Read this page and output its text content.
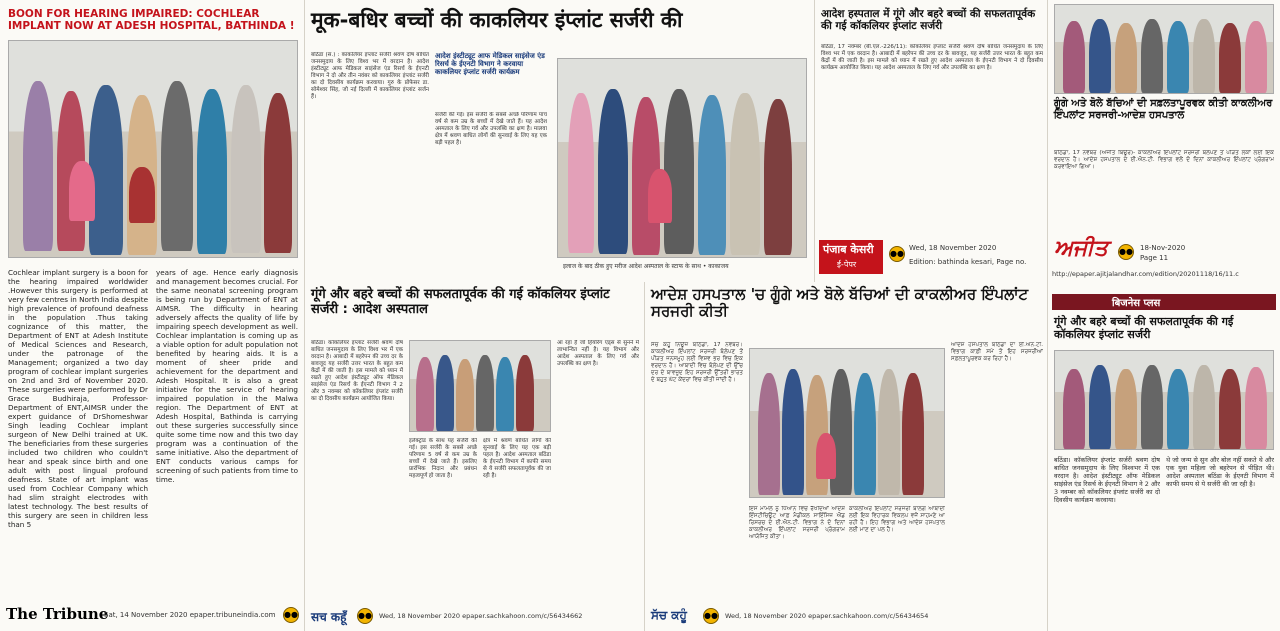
BOON FOR HEARING IMPAIRED: COCHLEAR IMPLANT NOW AT ADESH HOSPITAL, BATHINDA !
Cochlear implant surgery is a boon for the hearing impaired worldwider .However this surgery is performed at very few centres in North India despite high prevalence of profound deafness in the population .Thus taking cognizance of this matter, the Department of ENT at Adesh Institute of Medical Sciences and Research, under the patronage of the Management; organized a two day program of cochlear implant surgeries on 2nd and 3rd of November 2020. These surgeries were performed by Dr Grace Budhiraja, Professor-Department of ENT,AIMSR under the expert guidance of DrShomeshwar Singh leading Cochlear implant surgeon of New Delhi trained at UK. The beneficiaries from these surgeries included two children who couldn't hear and speak since birth and one adult with post lingual profound deafness. State of art implant was used from Cochlear Company which had slim straight electrodes with latest technology. The best results of this surgery are seen in children less than 5
years of age. Hence early diagnosis and management becomes crucial. For the same neonatal screening program is being run by Department of ENT at AIMSR. The difficulty in hearing adversely affects the quality of life by impairing speech development as well. Cochlear implantation is coming up as a viable option for adult population not benefited by hearing aids. It is a moment of sheer pride and achievement for the department and Adesh Hospital. It is also a great initiative for the service of hearing impaired population in the Malwa region. The Department of ENT at Adesh Hospital, Bathinda is carrying out these surgeries successfully since quite some time now and this two day program was a continuation of the same initiative. Also the department of ENT conducts various camps for screening of such patients from time to time.
The Tribune
Sat, 14 November 2020 epaper.tribuneindia.com ●●
मूक-बधिर बच्चों की काकलियर इंप्लांट सर्जरी की
बठिंडा (सं.) : काकलियर इंप्लांट सर्जरी श्रवण दोष बाधित जनसमुदाय के लिए विश्व भर में वरदान है। आदेश इंस्टीट्यूट आफ मेडिकल साइंसेज एंड रिसर्च के ईएनटी विभाग ने दो और तीन नवंबर को काकलियर इंप्लांट सर्जरी का दो दिवसीय कार्यक्रम करवाया। गुरु के प्रोफेसर डा. सोमेश्वर सिंह, जो नई दिल्ली में काकलियर इंप्लांट सर्जन हैं।
आदेश इंस्टीट्यूट आफ मेडिकल साइंसेज एंड रिसर्च के ईएनटी विभाग ने करवाया काकलियर इंप्लांट सर्जरी कार्यक्रम
सर्जरी की गई। इस सर्जरी के सबसे अच्छे परिणाम पांच वर्ष से कम उम्र के बच्चों में देखे जाते हैं। यह आदेश अस्पताल के लिए गर्व और उपलब्धि का क्षण है। मालवा क्षेत्र में श्रवण बाधित लोगों की सुनवाई के लिए यह एक बड़ी पहल है।
इलाज के बाद ठीक हुए मरीज आदेश अस्पताल के स्टाफ के साथ • काकाजय
आदेश हस्पताल में गूंगे और बहरे बच्चों की सफलतापूर्वक की गई कॉकलियर इंप्लांट सर्जरी
बठिंडा, 17 नवम्बर (बी.एल.-226/11): कॉकलियर इंप्लांट सर्जरी श्रवण दोष बाधित जनसमुदाय के लिए विश्व भर में एक वरदान है। आबादी में बहरेपन की उच्च दर के बावजूद, यह सर्जरी उत्तर भारत के बहुत कम केंद्रों में की जाती है। इस मामले को ध्यान में रखते हुए आदेश अस्पताल के ईएनटी विभाग ने दो दिवसीय कार्यक्रम आयोजित किया। यह आदेश अस्पताल के लिए गर्व और उपलब्धि का क्षण है।
पंजाब केसरी
ई-पेपर
●●
Wed, 18 November 2020
Edition: bathinda kesari, Page no.
ਗੂੰਗੇ ਅਤੇ ਬੋਲੇ ਬੱਚਿਆਂ ਦੀ ਸਫ਼ਲਤਾਪੂਰਵਕ ਕੀਤੀ ਕਾਕਲੀਅਰ ਇੰਪਲਾਂਟ ਸਰਜਰੀ-ਆਦੇਸ਼ ਹਸਪਤਾਲ
ਬਠਿੰਡਾ, 17 ਨਵੰਬਰ (ਅਜੀਤ ਬਿਊਰੋ)- ਕਾਕਲੀਅਰ ਇੰਪਲਾਂਟ ਸਰਜਰੀ ਬੋਲੇਪਣ ਤੋਂ ਪੀੜਤ ਲੋਕਾਂ ਲਈ ਇਕ ਵਰਦਾਨ ਹੈ। ਆਦੇਸ਼ ਹਸਪਤਾਲ ਦੇ ਈ.ਐਨ.ਟੀ. ਵਿਭਾਗ ਵਲੋਂ ਦੋ ਦਿਨਾਂ ਕਾਕਲੀਅਰ ਇੰਪਲਾਂਟ ਪ੍ਰੋਗਰਾਮ ਕਰਵਾਇਆ ਗਿਆ।
ਅਜੀਤ ●● 18-Nov-2020
Page 11
http://epaper.ajitjalandhar.com/edition/20201118/16/11.c
गूंगे और बहरे बच्चों की सफलतापूर्वक की गई कॉकलियर इंप्लांट सर्जरी : आदेश अस्पताल
बठिंडा। कॉकलियर इंप्लांट सर्जरी श्रवण दोष बाधित जनसमुदाय के लिए विश्व भर में एक वरदान है। आबादी में बहरेपन की उच्च दर के बावजूद यह सर्जरी उत्तर भारत के बहुत कम केंद्रों में की जाती है। इस मामले को ध्यान में रखते हुए आदेश इंस्टीट्यूट ऑफ मेडिकल साइंसेज एंड रिसर्च के ईएनटी विभाग ने 2 और 3 नवम्बर को कॉकलियर इंप्लांट सर्जरी का दो दिवसीय कार्यक्रम आयोजित किया।
इलेक्ट्रोड के साथ यह सर्जरी की गई। इस सर्जरी के सबसे अच्छे परिणाम 5 वर्ष से कम उम्र के बच्चों में देखे जाते हैं। इसलिए प्रारंभिक निदान और प्रबंधन महत्वपूर्ण हो जाता है।
क्षेत्र में श्रवण बाधित लोगों की सुनवाई के लिए यह एक बड़ी पहल है। आदेश अस्पताल बठिंडा के ईएनटी विभाग में काफी समय से ये सर्जरी सफलतापूर्वक की जा रही है।
आ रहा है जो हियरिंग एड्स से सुनने में लाभान्वित नहीं है। यह विभाग और आदेश अस्पताल के लिए गर्व और उपलब्धि का क्षण है।
सच कहूँ ●● Wed, 18 November 2020 epaper.sachkahoon.com/c/56434662
ਆਦੇਸ਼ ਹਸਪਤਾਲ 'ਚ ਗੂੰਗੇ ਅਤੇ ਬੋਲੇ ਬੱਚਿਆਂ ਦੀ ਕਾਕਲੀਅਰ ਇੰਪਲਾਂਟ ਸਰਜਰੀ ਕੀਤੀ
ਸੰਚ ਕਹੂੰ ਨਿਊਜ਼ ਬਠਿੰਡਾ, 17 ਨਵੰਬਰ। ਕਾਕਲੀਅਰ ਇੰਪਲਾਂਟ ਸਰਜਰੀ ਬੋਲ਼ੇਪਣ ਤੋਂ ਪੀੜਤ ਜਨਸਮੂਹ ਲਈ ਵਿਸ਼ਵ ਭਰ ਵਿਚ ਇਕ ਵਰਦਾਨ ਹੈ। ਆਬਾਦੀ ਵਿਚ ਬੋਲ਼ੇਪਣ ਦੀ ਉੱਚ ਦਰ ਦੇ ਬਾਵਜੂਦ ਇਹ ਸਰਜਰੀ ਉੱਤਰੀ ਭਾਰਤ ਦੇ ਬਹੁਤ ਘੱਟ ਕੇਂਦਰਾਂ ਵਿਚ ਕੀਤੀ ਜਾਂਦੀ ਹੈ।
ਇਸ ਮਾਮਲੇ ਨੂੰ ਧਿਆਨ ਵਿਚ ਰੱਖਦਿਆਂ ਆਦੇਸ਼ ਇੰਸਟੀਚਿਊਟ ਆਫ਼ ਮੈਡੀਕਲ ਸਾਇੰਸਿਜ਼ ਐਂਡ ਰਿਸਰਚ ਦੇ ਈ.ਐਨ.ਟੀ. ਵਿਭਾਗ ਨੇ ਦੋ ਦਿਨਾਂ ਕਾਕਲੀਅਰ ਇੰਪਲਾਂਟ ਸਰਜਰੀ ਪ੍ਰੋਗਰਾਮ ਆਯੋਜਿਤ ਕੀਤਾ।
ਕਾਕਲੀਅਰ ਇੰਪਲਾਂਟ ਸਰਜਰੀ ਬਾਲਗ ਆਬਾਦੀ ਲਈ ਇਕ ਵਿਹਾਰਕ ਵਿਕਲਪ ਵਜੋਂ ਸਾਹਮਣੇ ਆ ਰਹੀ ਹੈ। ਇਹ ਵਿਭਾਗ ਅਤੇ ਆਦੇਸ਼ ਹਸਪਤਾਲ ਲਈ ਮਾਣ ਦਾ ਪਲ ਹੈ।
ਆਦੇਸ਼ ਹਸਪਤਾਲ ਬਠਿੰਡਾ ਦਾ ਈ.ਐਨ.ਟੀ. ਵਿਭਾਗ ਕਾਫ਼ੀ ਸਮੇਂ ਤੋਂ ਇਹ ਸਰਜਰੀਆਂ ਸਫ਼ਲਤਾਪੂਰਵਕ ਕਰ ਰਿਹਾ ਹੈ।
ਸੱਚ ਕਹੂੰ ●● Wed, 18 November 2020 epaper.sachkahoon.com/c/56434654
बिजनेस प्लस
गूंगे और बहरे बच्चों की सफलतापूर्वक की गई कॉकलियर इंप्लांट सर्जरी
बठिंडा। कॉकलियर इंप्लांट सर्जरी श्रवण दोष बाधित जनसमुदाय के लिए विश्वभर में एक वरदान है। आदेश इंस्टीट्यूट ऑफ मेडिकल साइंसेज एंड रिसर्च के ईएनटी विभाग ने 2 और 3 नवम्बर को कॉकलियर इंप्लांट सर्जरी का दो दिवसीय कार्यक्रम करवाया।
थे जो जन्म से सुन और बोल नहीं सकते थे और एक युवा महिला जो बहरेपन से पीड़ित थी। आदेश अस्पताल बठिंडा के ईएनटी विभाग में काफी समय से ये सर्जरी की जा रही है।
